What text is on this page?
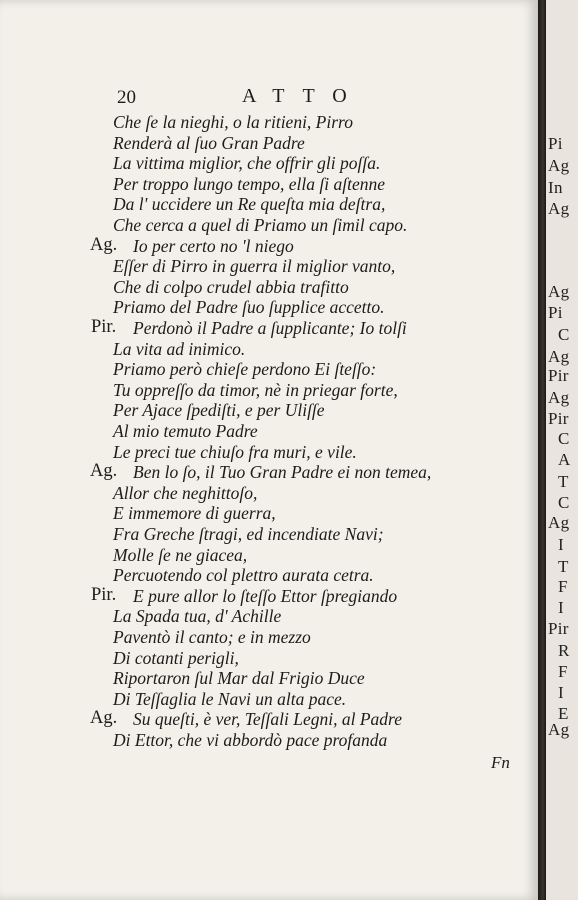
20	ATTO
Che ſe la nieghi, o la ritieni, Pirro
Renderà al ſuo Gran Padre
La vittima miglior, che offrir gli poſſa.
Per troppo lungo tempo, ella ſi aſtenne
Da l' uccidere un Re queſta mia deſtra,
Che cerca a quel di Priamo un ſimil capo.
Ag. Io per certo no 'l niego
Eſſer di Pirro in guerra il miglior vanto,
Che di colpo crudel abbia trafitto
Priamo del Padre ſuo ſupplice accetto.
Pir. Perdonò il Padre a ſupplicante; Io tolſi
La vita ad inimico.
Priamo però chieſe perdono Ei ſteſſo:
Tu oppreſſo da timor, nè in priegar forte,
Per Ajace ſpediſti, e per Uliſſe
Al mio temuto Padre
Le preci tue chiuſo fra muri, e vile.
Ag. Ben lo ſo, il Tuo Gran Padre ei non temea,
Allor che neghittoſo,
E immemore di guerra,
Fra Greche ſtragi, ed incendiate Navi;
Molle ſe ne giacea,
Percuotendo col plettro aurata cetra.
Pir. E pure allor lo ſteſſo Ettor ſpregiando
La Spada tua, d' Achille
Paventò il canto; e in mezzo
Di cotanti perigli,
Riportaron ſul Mar dal Frigio Duce
Di Teſſaglia le Navi un alta pace.
Ag. Su queſti, è ver, Teſſali Legni, al Padre
Di Ettor, che vi abbordò pace profanda
Fn
Pi
Ag
In
Ag
Ag
Pi
C
Ag
Pir
Ag
Pir
C
A
T
C
Ag
I
T
F
I
Pir
R
F
I
E
Ag
